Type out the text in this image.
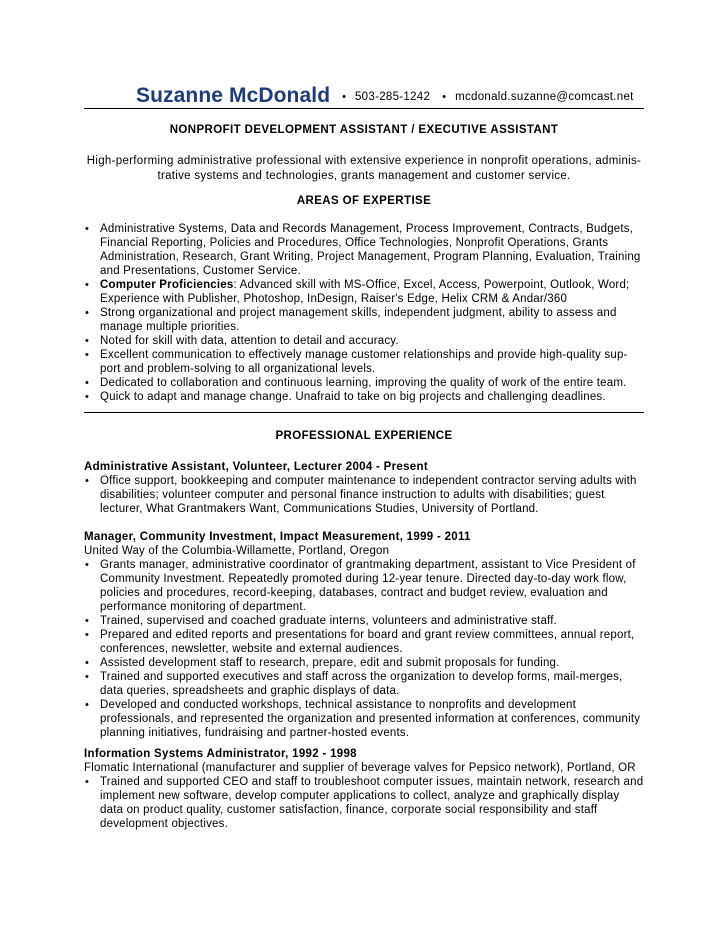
Suzanne McDonald • 503-285-1242 • mcdonald.suzanne@comcast.net
NONPROFIT DEVELOPMENT ASSISTANT / EXECUTIVE ASSISTANT
High-performing administrative professional with extensive experience in nonprofit operations, adminis-
trative systems and technologies, grants management and customer service.
AREAS OF EXPERTISE
• Administrative Systems, Data and Records Management, Process Improvement, Contracts, Budgets, Financial Reporting, Policies and Procedures, Office Technologies, Nonprofit Operations, Grants Administration, Research, Grant Writing, Project Management, Program Planning, Evaluation, Training and Presentations, Customer Service.
• Computer Proficiencies: Advanced skill with MS-Office, Excel, Access, Powerpoint, Outlook, Word; Experience with Publisher, Photoshop, InDesign, Raiser's Edge, Helix CRM & Andar/360
• Strong organizational and project management skills, independent judgment, ability to assess and manage multiple priorities.
• Noted for skill with data, attention to detail and accuracy.
• Excellent communication to effectively manage customer relationships and provide high-quality sup-port and problem-solving to all organizational levels.
• Dedicated to collaboration and continuous learning, improving the quality of work of the entire team.
• Quick to adapt and manage change. Unafraid to take on big projects and challenging deadlines.
PROFESSIONAL EXPERIENCE
Administrative Assistant, Volunteer, Lecturer 2004 - Present
• Office support, bookkeeping and computer maintenance to independent contractor serving adults with disabilities; volunteer computer and personal finance instruction to adults with disabilities; guest lecturer, What Grantmakers Want, Communications Studies, University of Portland.
Manager, Community Investment, Impact Measurement, 1999 - 2011
United Way of the Columbia-Willamette, Portland, Oregon
• Grants manager, administrative coordinator of grantmaking department, assistant to Vice President of Community Investment. Repeatedly promoted during 12-year tenure. Directed day-to-day work flow, policies and procedures, record-keeping, databases, contract and budget review, evaluation and performance monitoring of department.
• Trained, supervised and coached graduate interns, volunteers and administrative staff.
• Prepared and edited reports and presentations for board and grant review committees, annual report, conferences, newsletter, website and external audiences.
• Assisted development staff to research, prepare, edit and submit proposals for funding.
• Trained and supported executives and staff across the organization to develop forms, mail-merges, data queries, spreadsheets and graphic displays of data.
• Developed and conducted workshops, technical assistance to nonprofits and development professionals, and represented the organization and presented information at conferences, community planning initiatives, fundraising and partner-hosted events.
Information Systems Administrator, 1992 - 1998
Flomatic International (manufacturer and supplier of beverage valves for Pepsico network), Portland, OR
• Trained and supported CEO and staff to troubleshoot computer issues, maintain network, research and implement new software, develop computer applications to collect, analyze and graphically display data on product quality, customer satisfaction, finance, corporate social responsibility and staff development objectives.
